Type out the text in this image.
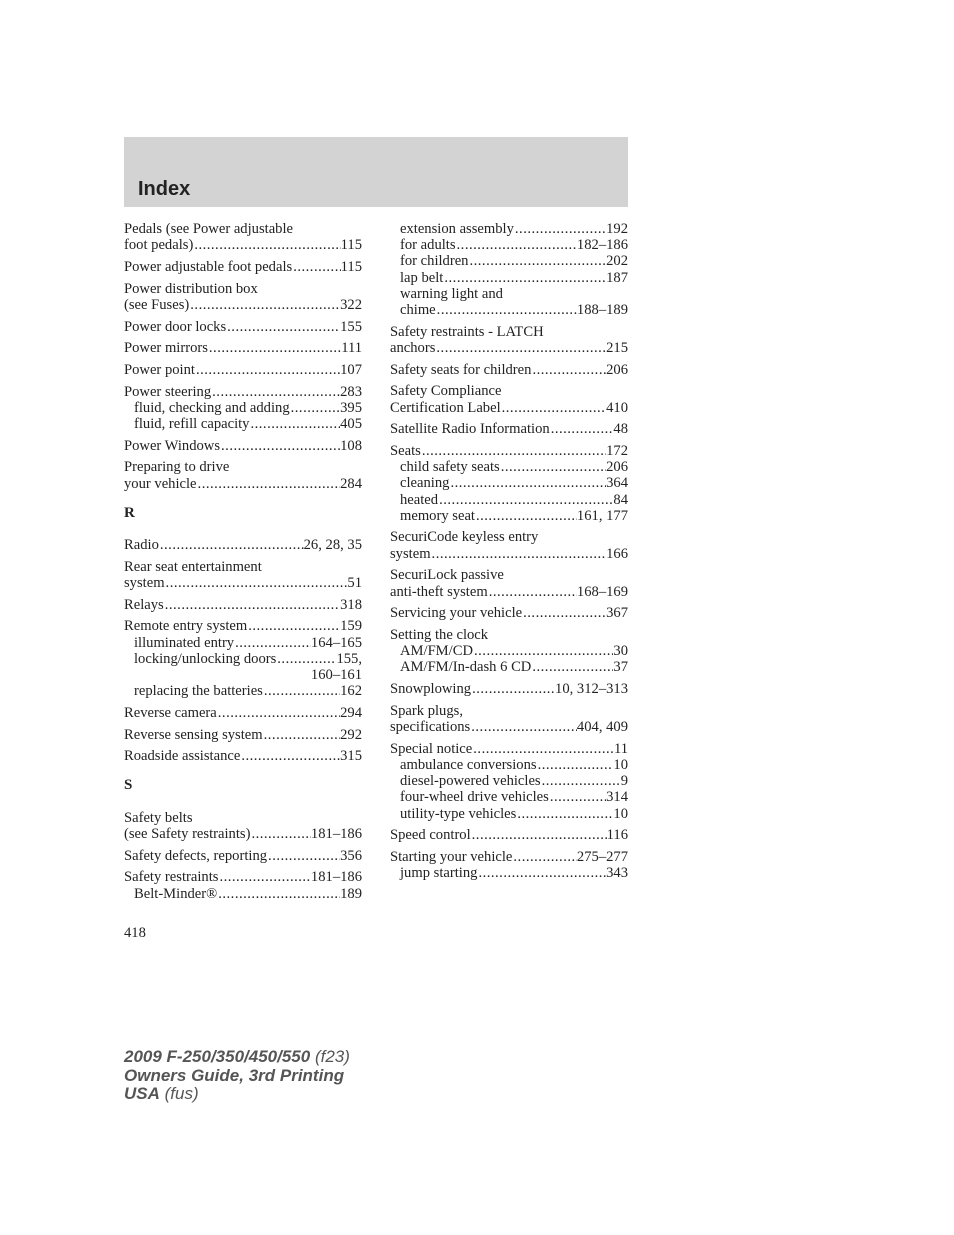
Index
Pedals (see Power adjustable
foot pedals) .....	115
Power adjustable foot pedals .....	115
Power distribution box
(see Fuses) .....	322
Power door locks .....	155
Power mirrors .....	111
Power point .....	107
Power steering .....	283
fluid, checking and adding .....	395
fluid, refill capacity .....	405
Power Windows .....	108
Preparing to drive
your vehicle .....	284
R
Radio .....	26, 28, 35
Rear seat entertainment
system .....	51
Relays .....	318
Remote entry system .....	159
illuminated entry .....	164–165
locking/unlocking doors .....	155,
160–161
replacing the batteries .....	162
Reverse camera .....	294
Reverse sensing system .....	292
Roadside assistance .....	315
S
Safety belts
(see Safety restraints) .....	181–186
Safety defects, reporting .....	356
Safety restraints .....	181–186
Belt-Minder® .....	189
extension assembly .....	192
for adults .....	182–186
for children .....	202
lap belt .....	187
warning light and
chime .....	188–189
Safety restraints - LATCH
anchors .....	215
Safety seats for children .....	206
Safety Compliance
Certification Label .....	410
Satellite Radio Information .....	48
Seats .....	172
child safety seats .....	206
cleaning .....	364
heated .....	84
memory seat .....	161, 177
SecuriCode keyless entry
system .....	166
SecuriLock passive
anti-theft system .....	168–169
Servicing your vehicle .....	367
Setting the clock
AM/FM/CD .....	30
AM/FM/In-dash 6 CD .....	37
Snowplowing .....	10, 312–313
Spark plugs,
specifications .....	404, 409
Special notice .....	11
ambulance conversions .....	10
diesel-powered vehicles .....	9
four-wheel drive vehicles .....	314
utility-type vehicles .....	10
Speed control .....	116
Starting your vehicle .....	275–277
jump starting .....	343
418
2009 F-250/350/450/550 (f23)
Owners Guide, 3rd Printing
USA (fus)
